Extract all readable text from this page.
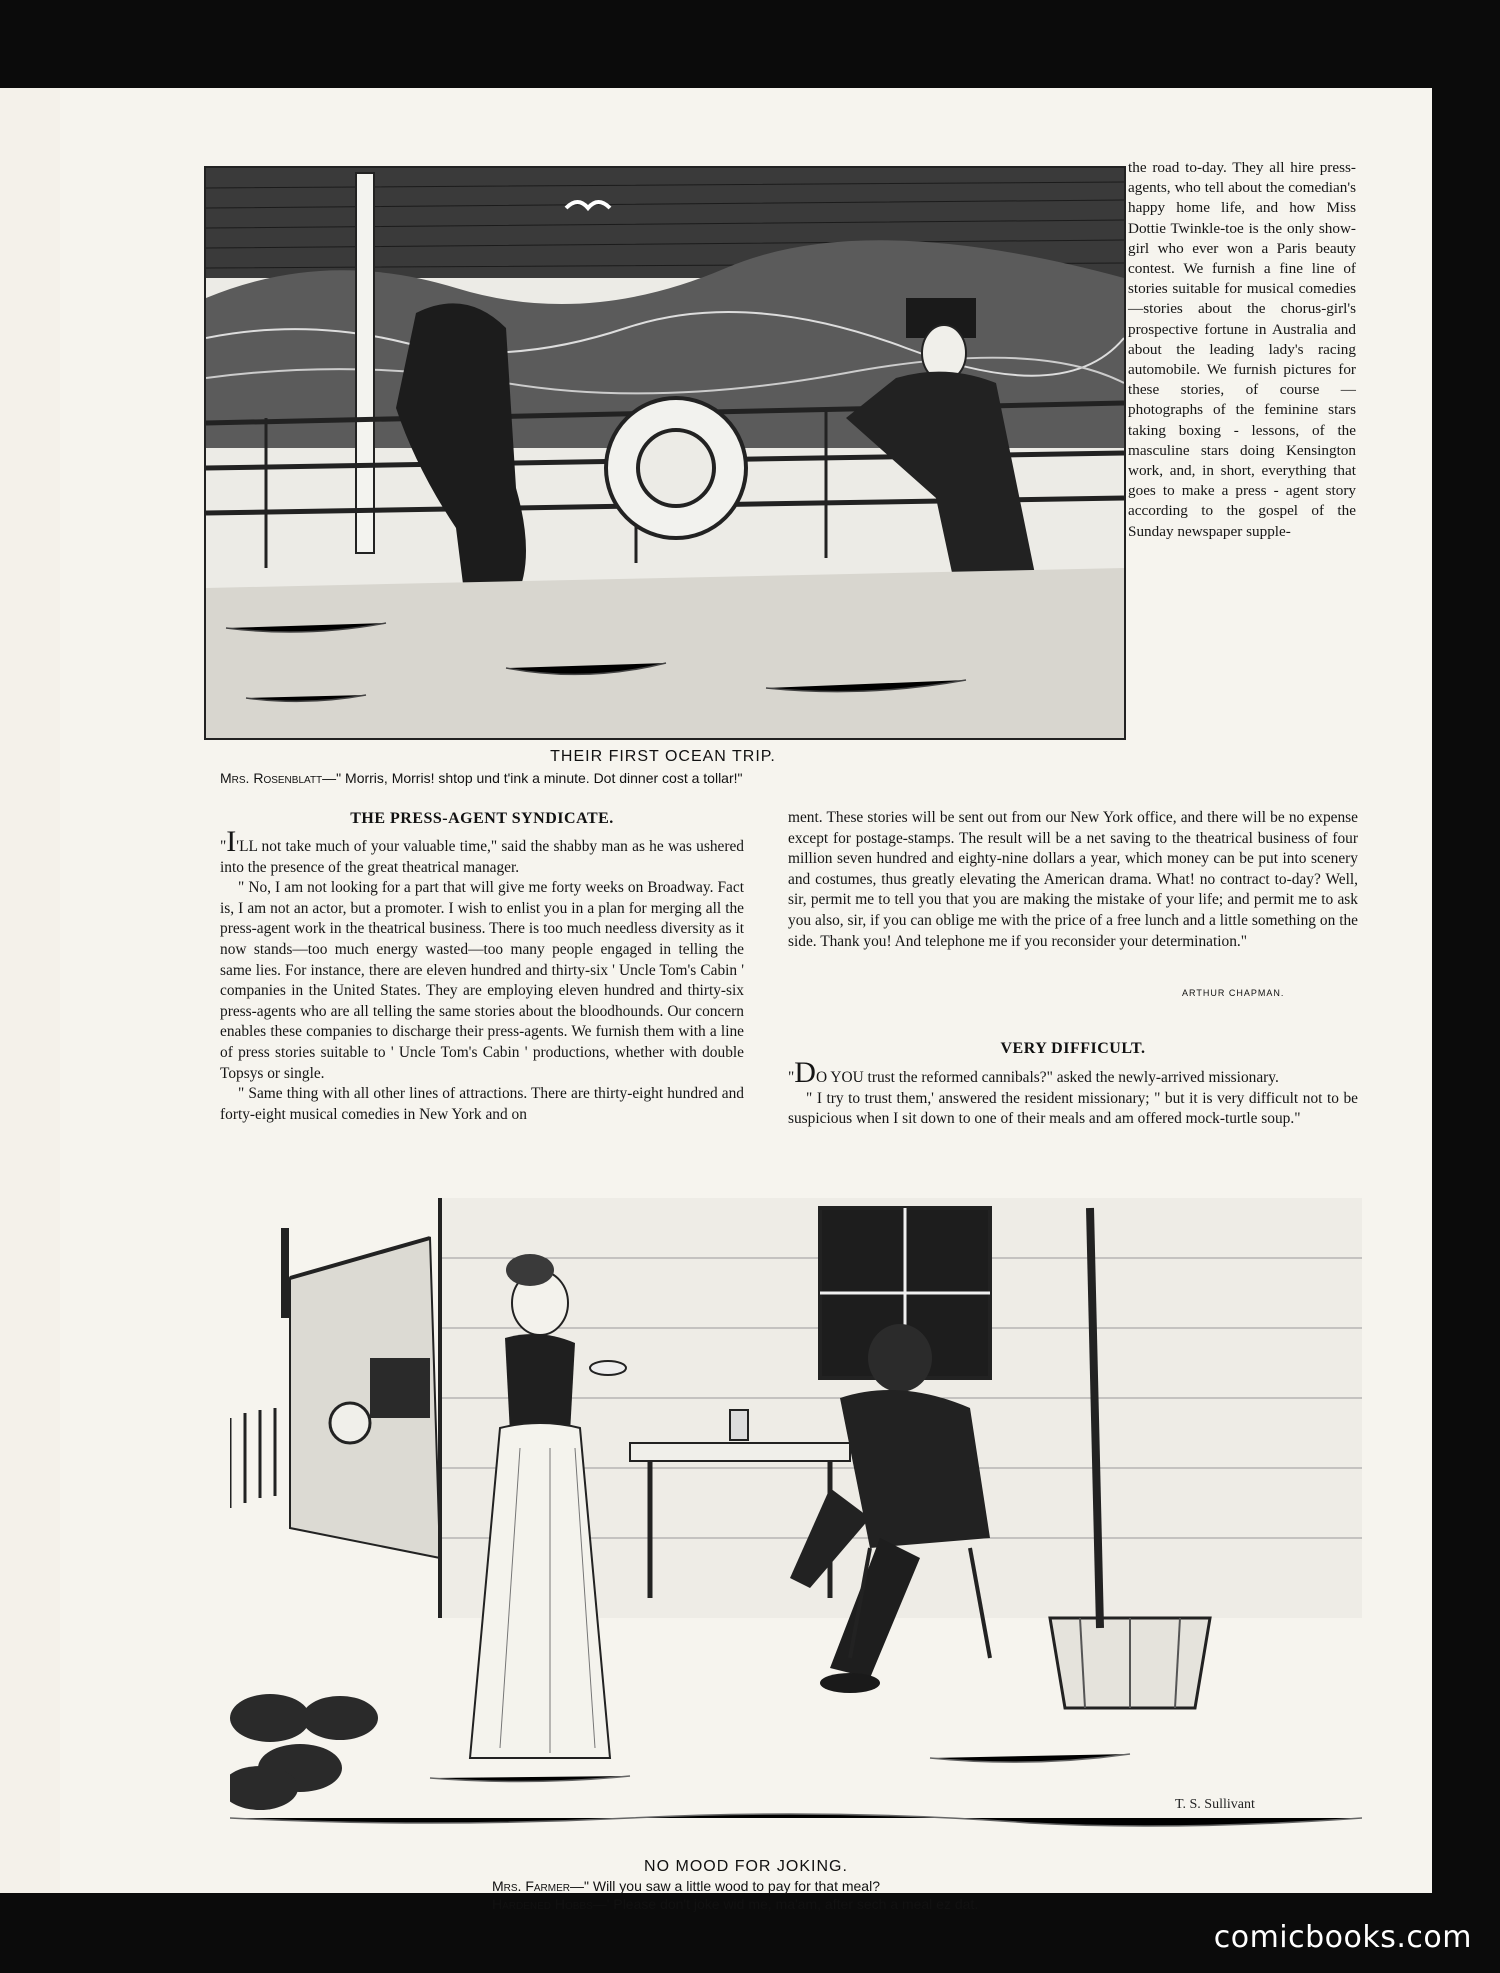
THEIR FIRST OCEAN TRIP.
Mrs. Rosenblatt—" Morris, Morris! shtop und t'ink a minute. Dot dinner cost a tollar!"

the road to-day. They all hire press-agents, who tell about the comedian's happy home life, and how Miss Dottie Twinkle-toe is the only show-girl who ever won a Paris beauty contest. We furnish a fine line of stories suitable for musical comedies—stories about the chorus-girl's prospective fortune in Australia and about the leading lady's racing automobile. We furnish pictures for these stories, of course — photographs of the feminine stars taking boxing - lessons, of the masculine stars doing Kensington work, and, in short, everything that goes to make a press - agent story according to the gospel of the Sunday newspaper supple-

THE PRESS-AGENT SYNDICATE.

"I'LL not take much of your valuable time," said the shabby man as he was ushered into the presence of the great theatrical manager.

" No, I am not looking for a part that will give me forty weeks on Broadway. Fact is, I am not an actor, but a promoter. I wish to enlist you in a plan for merging all the press-agent work in the theatrical business. There is too much needless diversity as it now stands—too much energy wasted—too many people engaged in telling the same lies. For instance, there are eleven hundred and thirty-six ' Uncle Tom's Cabin ' companies in the United States. They are employing eleven hundred and thirty-six press-agents who are all telling the same stories about the bloodhounds. Our concern enables these companies to discharge their press-agents. We furnish them with a line of press stories suitable to ' Uncle Tom's Cabin ' productions, whether with double Topsys or single.

" Same thing with all other lines of attractions. There are thirty-eight hundred and forty-eight musical comedies in New York and on

ment. These stories will be sent out from our New York office, and there will be no expense except for postage-stamps. The result will be a net saving to the theatrical business of four million seven hundred and eighty-nine dollars a year, which money can be put into scenery and costumes, thus greatly elevating the American drama. What! no contract to-day? Well, sir, permit me to tell you that you are making the mistake of your life; and permit me to ask you also, sir, if you can oblige me with the price of a free lunch and a little something on the side. Thank you! And telephone me if you reconsider your determination."

ARTHUR CHAPMAN.
VERY DIFFICULT.

"DO YOU trust the reformed cannibals?" asked the newly-arrived missionary.

" I try to trust them,' answered the resident missionary; " but it is very difficult not to be suspicious when I sit down to one of their meals and am offered mock-turtle soup."

T. S. Sullivant
NO MOOD FOR JOKING.
Mrs. Farmer—" Will you saw a little wood to pay for that meal?
Hardened Hobbs—' Please don't joke wid me, ma'am, after sech a meal ez dat.
comicbooks.com
